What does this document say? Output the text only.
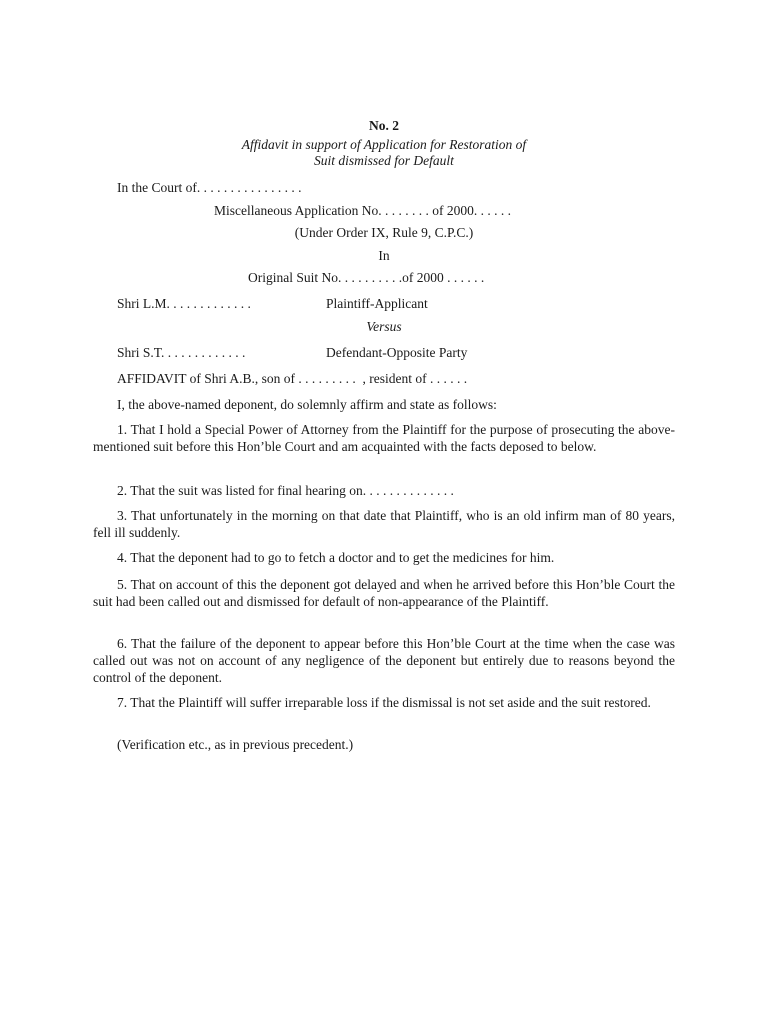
No. 2
Affidavit in support of Application for Restoration of
Suit dismissed for Default
In the Court of. . . . . . . . . . . . . . . .
Miscellaneous Application No. . . . . . . . of 2000. . . . . .
(Under Order IX, Rule 9, C.P.C.)
In
Original Suit No. . . . . . . . . .of 2000 . . . . . .
Shri L.M. . . . . . . . . . . . .	Plaintiff-Applicant
Versus
Shri S.T. . . . . . . . . . . . .	Defendant-Opposite Party
AFFIDAVIT of Shri A.B., son of . . . . . . . . .  , resident of . . . . . .
I, the above-named deponent, do solemnly affirm and state as follows:
1. That I hold a Special Power of Attorney from the Plaintiff for the purpose of prosecuting the above-mentioned suit before this Hon’ble Court and am acquainted with the facts deposed to below.
2. That the suit was listed for final hearing on. . . . . . . . . . . . . .
3. That unfortunately in the morning on that date that Plaintiff, who is an old infirm man of 80 years, fell ill suddenly.
4. That the deponent had to go to fetch a doctor and to get the medicines for him.
5. That on account of this the deponent got delayed and when he arrived before this Hon’ble Court the suit had been called out and dismissed for default of non-appearance of the Plaintiff.
6. That the failure of the deponent to appear before this Hon’ble Court at the time when the case was called out was not on account of any negligence of the deponent but entirely due to reasons beyond the control of the deponent.
7. That the Plaintiff will suffer irreparable loss if the dismissal is not set aside and the suit restored.
(Verification etc., as in previous precedent.)
